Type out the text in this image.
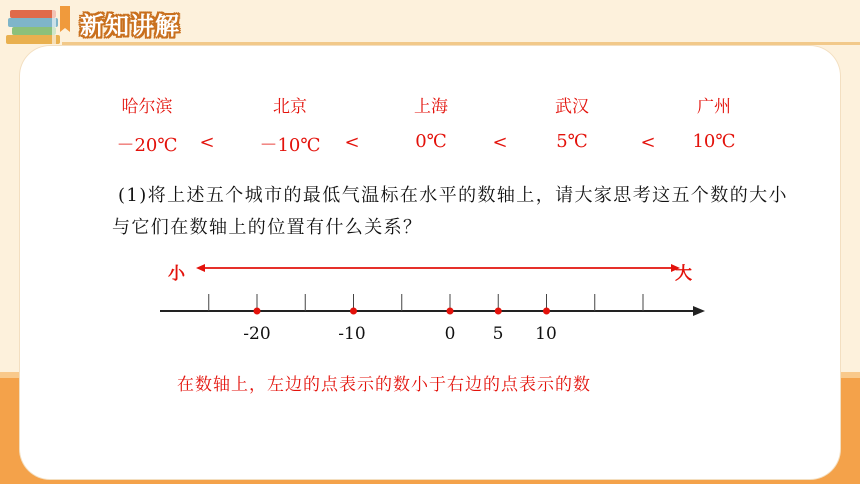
新知讲解
哈尔滨	北京	上海	武汉	广州
－20℃	－10℃	0℃	5℃	10℃
<	<	<	<
(1)将上述五个城市的最低气温标在水平的数轴上，请大家思考这五个数的大小
与它们在数轴上的位置有什么关系？
小	大
-20	-10	0 5 10
在数轴上，左边的点表示的数小于右边的点表示的数
